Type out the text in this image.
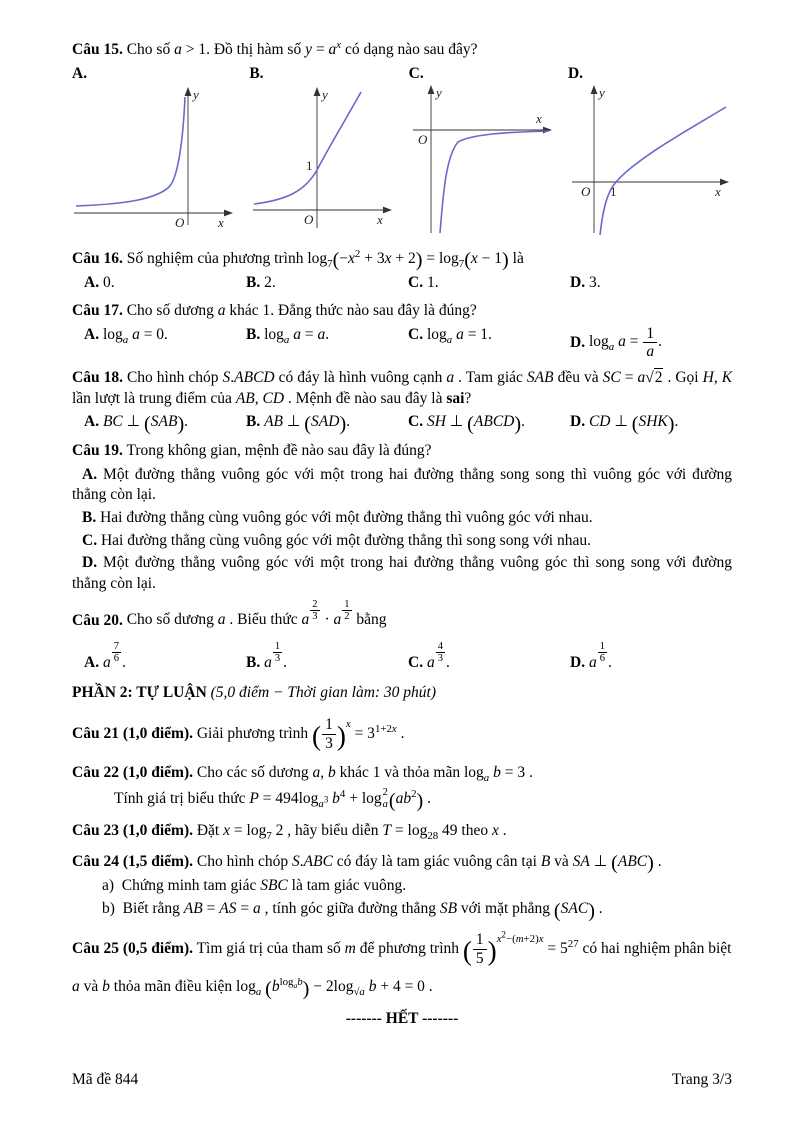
Câu 15. Cho số a > 1. Đồ thị hàm số $y = a^x$ có dạng nào sau đây?

A.
y
x
O
B.
y
x
O
1
C.
y
x
O
D.
y
x
O 1

Câu 16. Số nghiệm của phương trình $\log_7(-x^2 + 3x + 2) = \log_7(x - 1)$ là

A. 0.	B. 2.	C. 1.	D. 3.

Câu 17. Cho số dương a khác 1. Đẳng thức nào sau đây là đúng?

A. $\log_a a = 0$.	B. $\log_a a = a$.	C. $\log_a a = 1$.	D. $\log_a a = \frac{1}{a}$ .

Câu 18. Cho hình chóp S.ABCD có đáy là hình vuông cạnh a . Tam giác SAB đều và SC = a√2 . Gọi H, K lần lượt là trung điểm của AB, CD . Mệnh đề nào sau đây là sai?

A. BC ⊥ (SAB).	B. AB ⊥ (SAD).	C. SH ⊥ (ABCD).	D. CD ⊥ (SHK).

Câu 19. Trong không gian, mệnh đề nào sau đây là đúng?

A. Một đường thẳng vuông góc với một trong hai đường thẳng song song thì vuông góc với đường thẳng còn lại.

B. Hai đường thẳng cùng vuông góc với một đường thẳng thì vuông góc với nhau.

C. Hai đường thẳng cùng vuông góc với một đường thẳng thì song song với nhau.

D. Một đường thẳng vuông góc với một trong hai đường thẳng vuông góc thì song song với đường thẳng còn lại.

Câu 20. Cho số dương a . Biểu thức a $\frac{2}{3} \cdot a \frac{1}{2}$ bằng

A. a $\frac{7}{6}$ .	B. a $\frac{1}{3}$ .	C. a $\frac{4}{3}$ .	D. a $\frac{1}{6}$ .

PHẦN 2: TỰ LUẬN (5,0 điểm − Thời gian làm: 30 phút)

Câu 21 (1,0 điểm). Giải phương trình ( $\frac{1}{3} )^x = 3^{1+2x}$ .

Câu 22 (1,0 điểm). Cho các số dương a, b khác 1 và thỏa mãn $\log_a b = 3$ .

Tính giá trị biểu thức $P = 494\log_{a^3}$ $b^4 + \log 2$
a $(ab^2)$ .

Câu 23 (1,0 điểm). Đặt $x = \log_7 2$ , hãy biểu diễn $T = \log_{28} 49$ theo x .

Câu 24 (1,5 điểm). Cho hình chóp S.ABC có đáy là tam giác vuông cân tại B và SA ⊥ (ABC) .

a) Chứng minh tam giác SBC là tam giác vuông.

b) Biết rằng AB = AS = a , tính góc giữa đường thẳng SB với mặt phẳng (SAC) .

Câu 25 (0,5 điểm). Tìm giá trị của tham số m để phương trình ( $\frac{1}{5} )^{x^2-(m+2)x} = 5^{27}$ có hai nghiệm phân biệt

a và b thỏa mãn điều kiện $\log_a (b^{log_ab}) - 2\log_{√a}$ b + 4 = 0 .

------- HẾT -------

Mã đề 844	Trang 3/3
